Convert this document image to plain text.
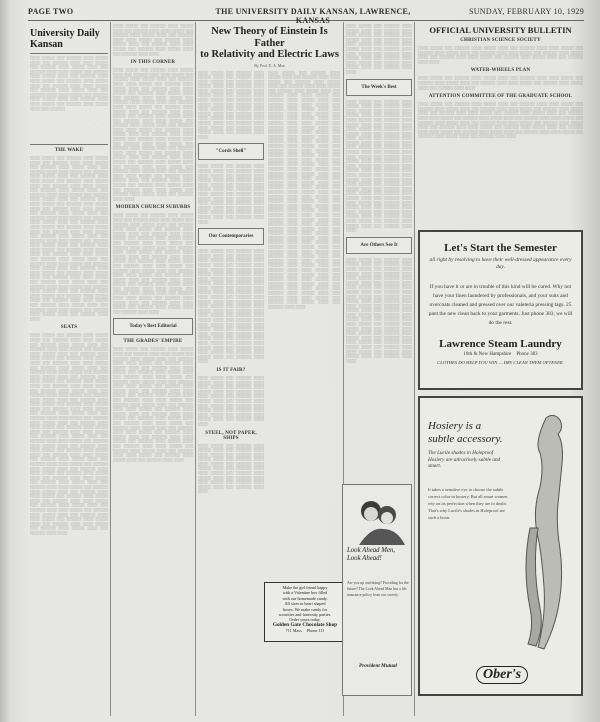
PAGE TWO	THE UNIVERSITY DAILY KANSAN, LAWRENCE, KANSAS
SUNDAY, FEBRUARY 10, 1929
University Daily Kansan
░░░░ ░░░░░ ░░░ ░░░░░░ ░░░░ ░░░░░ ░░░░ ░░░ ░░░░░░ ░░░░ ░░░░ ░░░░░ ░░░ ░░░░░░ ░░░░ ░░░░░ ░░░░ ░░░ ░░░░░░ ░░░░ ░░░░ ░░░░░ ░░░ ░░░░░░ ░░░░ ░░░░░ ░░░░ ░░░ ░░░░░░ ░░░░ ░░░░ ░░░░░ ░░░ ░░░░░░ ░░░░ ░░░░░ ░░░░ ░░░ ░░░░░░ ░░░░ ░░░░ ░░░░░ ░░░ ░░░░░░ ░░░░ ░░░░░ ░░░░ ░░░ ░░░░░░ ░░░░ ░░░░ ░░░░░ ░░░ ░░░░░░ ░░░░ ░░░░░ ░░░░ ░░░ ░░░░░░ ░░░░ ░░░░ ░░░░░ ░░░ ░░░░░░ ░░░░ ░░░░░ ░░░░ ░░░ ░░░░░░
THE WAKE
░░░░ ░░░░░ ░░░ ░░░░░░ ░░░░ ░░░░░ ░░░░ ░░░ ░░░░░░ ░░░░ ░░░░ ░░░░░ ░░░ ░░░░░░ ░░░░ ░░░░░ ░░░░ ░░░ ░░░░░░ ░░░░ ░░░░ ░░░░░ ░░░ ░░░░░░ ░░░░ ░░░░░ ░░░░ ░░░ ░░░░░░ ░░░░ ░░░░ ░░░░░ ░░░ ░░░░░░ ░░░░ ░░░░░ ░░░░ ░░░ ░░░░░░ ░░░░ ░░░░ ░░░░░ ░░░ ░░░░░░ ░░░░ ░░░░░ ░░░░ ░░░ ░░░░░░ ░░░░ ░░░░ ░░░░░ ░░░ ░░░░░░ ░░░░ ░░░░░ ░░░░ ░░░ ░░░░░░ ░░░░ ░░░░ ░░░░░ ░░░ ░░░░░░ ░░░░ ░░░░░ ░░░░ ░░░ ░░░░░░ ░░░░ ░░░░ ░░░░░ ░░░ ░░░░░░ ░░░░ ░░░░░ ░░░░ ░░░ ░░░░░░ ░░░░ ░░░░ ░░░░░ ░░░ ░░░░░░ ░░░░ ░░░░░ ░░░░ ░░░ ░░░░░░ ░░░░ ░░░░ ░░░░░ ░░░ ░░░░░░ ░░░░ ░░░░░ ░░░░ ░░░ ░░░░░░ ░░░░ ░░░░ ░░░░░ ░░░ ░░░░░░ ░░░░ ░░░░░ ░░░░ ░░░ ░░░░░░ ░░░░ ░░░░ ░░░░░ ░░░ ░░░░░░ ░░░░ ░░░░░ ░░░░ ░░░ ░░░░░░ ░░░░ ░░░░ ░░░░░ ░░░ ░░░░░░ ░░░░ ░░░░░ ░░░░ ░░░ ░░░░░░ ░░░░ ░░░░ ░░░░░ ░░░ ░░░░░░ ░░░░ ░░░░░ ░░░░ ░░░ ░░░░░░ ░░░░ ░░░░ ░░░░░ ░░░ ░░░░░░ ░░░░ ░░░░░ ░░░░ ░░░ ░░░░░░ ░░░░ ░░░░ ░░░░░ ░░░ ░░░░░░ ░░░░ ░░░░░ ░░░░ ░░░ ░░░░░░ ░░░░ ░░░░ ░░░░░ ░░░ ░░░░░░ ░░░░ ░░░░░ ░░░░ ░░░ ░░░░░░ ░░░░ ░░░░ ░░░░░ ░░░ ░░░░░░ ░░░░ ░░░░░ ░░░░ ░░░ ░░░░░░ ░░░░ ░░░░ ░░░░░ ░░░ ░░░░░░ ░░░░ ░░░░░ ░░░░ ░░░ ░░░░░░ ░░░░ ░░░░ ░░░░░ ░░░ ░░░░░░ ░░░░ ░░░░░ ░░░░ ░░░ ░░░░░░ ░░░░ ░░░░ ░░░░░ ░░░ ░░░░░░ ░░░░ ░░░░░ ░░░░ ░░░ ░░░░░░ ░░░░ ░░░░
SEATS
░░░░ ░░░░░ ░░░ ░░░░░░ ░░░░ ░░░░░ ░░░░ ░░░ ░░░░░░ ░░░░ ░░░░ ░░░░░ ░░░ ░░░░░░ ░░░░ ░░░░░ ░░░░ ░░░ ░░░░░░ ░░░░ ░░░░ ░░░░░ ░░░ ░░░░░░ ░░░░ ░░░░░ ░░░░ ░░░ ░░░░░░ ░░░░ ░░░░ ░░░░░ ░░░ ░░░░░░ ░░░░ ░░░░░ ░░░░ ░░░ ░░░░░░ ░░░░ ░░░░ ░░░░░ ░░░ ░░░░░░ ░░░░ ░░░░░ ░░░░ ░░░ ░░░░░░ ░░░░ ░░░░ ░░░░░ ░░░ ░░░░░░ ░░░░ ░░░░░ ░░░░ ░░░ ░░░░░░ ░░░░ ░░░░ ░░░░░ ░░░ ░░░░░░ ░░░░ ░░░░░ ░░░░ ░░░ ░░░░░░ ░░░░ ░░░░ ░░░░░ ░░░ ░░░░░░ ░░░░ ░░░░░ ░░░░ ░░░ ░░░░░░ ░░░░ ░░░░ ░░░░░ ░░░ ░░░░░░ ░░░░ ░░░░░ ░░░░ ░░░ ░░░░░░ ░░░░ ░░░░ ░░░░░ ░░░ ░░░░░░ ░░░░ ░░░░░ ░░░░ ░░░ ░░░░░░ ░░░░ ░░░░ ░░░░░ ░░░ ░░░░░░ ░░░░ ░░░░░ ░░░░ ░░░ ░░░░░░ ░░░░ ░░░░ ░░░░░ ░░░ ░░░░░░ ░░░░ ░░░░░ ░░░░ ░░░ ░░░░░░ ░░░░ ░░░░ ░░░░░ ░░░ ░░░░░░ ░░░░ ░░░░░ ░░░░ ░░░ ░░░░░░ ░░░░ ░░░░ ░░░░░ ░░░ ░░░░░░ ░░░░ ░░░░░ ░░░░ ░░░ ░░░░░░ ░░░░ ░░░░ ░░░░░ ░░░ ░░░░░░ ░░░░ ░░░░░ ░░░░ ░░░ ░░░░░░ ░░░░ ░░░░ ░░░░░ ░░░ ░░░░░░ ░░░░ ░░░░░ ░░░░ ░░░ ░░░░░░ ░░░░ ░░░░ ░░░░░ ░░░ ░░░░░░ ░░░░ ░░░░░ ░░░░ ░░░ ░░░░░░ ░░░░ ░░░░ ░░░░░ ░░░ ░░░░░░ ░░░░ ░░░░░ ░░░░ ░░░ ░░░░░░ ░░░░ ░░░░ ░░░░░ ░░░ ░░░░░░ ░░░░ ░░░░░ ░░░░ ░░░ ░░░░░░ ░░░░ ░░░░ ░░░░░ ░░░ ░░░░░░ ░░░░ ░░░░░ ░░░░ ░░░ ░░░░░░ ░░░░ ░░░░ ░░░░░ ░░░ ░░░░░░ ░░░░ ░░░░░ ░░░░ ░░░ ░░░░░░ ░░░░ ░░░░ ░░░░░ ░░░ ░░░░░░ ░░░░ ░░░░░ ░░░░ ░░░ ░░░░░░ ░░░░ ░░░░ ░░░░░ ░░░ ░░░░░░ ░░░░ ░░░░░ ░░░░ ░░░ ░░░░░░ ░░░░ ░░░░ ░░░░░ ░░░ ░░░░░░ ░░░░ ░░░░░ ░░░░ ░░░ ░░░░░░ ░░░░ ░░░░ ░░░░░ ░░░ ░░░░░░ ░░░░ ░░░░░ ░░░░ ░░░ ░░░░░░ ░░░░ ░░░░ ░░░░░ ░░░ ░░░░░░ ░░░░ ░░░░░ ░░░░ ░░░ ░░░░░░ ░░░░ ░░░░
░░░░ ░░░░░ ░░░ ░░░░░░ ░░░░ ░░░░░ ░░░░ ░░░ ░░░░░░ ░░░░ ░░░░ ░░░░░ ░░░ ░░░░░░ ░░░░ ░░░░░ ░░░░ ░░░ ░░░░░░ ░░░░ ░░░░ ░░░░░ ░░░ ░░░░░░ ░░░░ ░░░░░ ░░░░ ░░░ ░░░░░░ ░░░░ ░░░░ ░░░░░ ░░░ ░░░░░░ ░░░░ ░░░░░ ░░░░ ░░░ ░░░░░░ ░░░░ ░░░░
IN THIS CORNER
░░░░ ░░░░░ ░░░ ░░░░░░ ░░░░ ░░░░░ ░░░░ ░░░ ░░░░░░ ░░░░ ░░░░ ░░░░░ ░░░ ░░░░░░ ░░░░ ░░░░░ ░░░░ ░░░ ░░░░░░ ░░░░ ░░░░ ░░░░░ ░░░ ░░░░░░ ░░░░ ░░░░░ ░░░░ ░░░ ░░░░░░ ░░░░ ░░░░ ░░░░░ ░░░ ░░░░░░ ░░░░ ░░░░░ ░░░░ ░░░ ░░░░░░ ░░░░ ░░░░ ░░░░░ ░░░ ░░░░░░ ░░░░ ░░░░░ ░░░░ ░░░ ░░░░░░ ░░░░ ░░░░ ░░░░░ ░░░ ░░░░░░ ░░░░ ░░░░░ ░░░░ ░░░ ░░░░░░ ░░░░ ░░░░ ░░░░░ ░░░ ░░░░░░ ░░░░ ░░░░░ ░░░░ ░░░ ░░░░░░ ░░░░ ░░░░ ░░░░░ ░░░ ░░░░░░ ░░░░ ░░░░░ ░░░░ ░░░ ░░░░░░ ░░░░ ░░░░ ░░░░░ ░░░ ░░░░░░ ░░░░ ░░░░░ ░░░░ ░░░ ░░░░░░ ░░░░ ░░░░ ░░░░░ ░░░ ░░░░░░ ░░░░ ░░░░░ ░░░░ ░░░ ░░░░░░ ░░░░ ░░░░ ░░░░░ ░░░ ░░░░░░ ░░░░ ░░░░░ ░░░░ ░░░ ░░░░░░ ░░░░ ░░░░ ░░░░░ ░░░ ░░░░░░ ░░░░ ░░░░░ ░░░░ ░░░ ░░░░░░ ░░░░ ░░░░ ░░░░░ ░░░ ░░░░░░ ░░░░ ░░░░░ ░░░░ ░░░ ░░░░░░ ░░░░ ░░░░ ░░░░░ ░░░ ░░░░░░ ░░░░ ░░░░░ ░░░░ ░░░ ░░░░░░ ░░░░ ░░░░ ░░░░░ ░░░ ░░░░░░ ░░░░ ░░░░░ ░░░░ ░░░ ░░░░░░ ░░░░ ░░░░ ░░░░░ ░░░ ░░░░░░ ░░░░ ░░░░░ ░░░░ ░░░ ░░░░░░ ░░░░ ░░░░ ░░░░░ ░░░ ░░░░░░ ░░░░ ░░░░░ ░░░░ ░░░ ░░░░░░ ░░░░ ░░░░
MODERN CHURCH SUBURBS
░░░░ ░░░░░ ░░░ ░░░░░░ ░░░░ ░░░░░ ░░░░ ░░░ ░░░░░░ ░░░░ ░░░░ ░░░░░ ░░░ ░░░░░░ ░░░░ ░░░░░ ░░░░ ░░░ ░░░░░░ ░░░░ ░░░░ ░░░░░ ░░░ ░░░░░░ ░░░░ ░░░░░ ░░░░ ░░░ ░░░░░░ ░░░░ ░░░░ ░░░░░ ░░░ ░░░░░░ ░░░░ ░░░░░ ░░░░ ░░░ ░░░░░░ ░░░░ ░░░░ ░░░░░ ░░░ ░░░░░░ ░░░░ ░░░░░ ░░░░ ░░░ ░░░░░░ ░░░░ ░░░░ ░░░░░ ░░░ ░░░░░░ ░░░░ ░░░░░ ░░░░ ░░░ ░░░░░░ ░░░░ ░░░░ ░░░░░ ░░░ ░░░░░░ ░░░░ ░░░░░ ░░░░ ░░░ ░░░░░░ ░░░░ ░░░░ ░░░░░ ░░░ ░░░░░░ ░░░░ ░░░░░ ░░░░ ░░░ ░░░░░░ ░░░░ ░░░░ ░░░░░ ░░░ ░░░░░░ ░░░░ ░░░░░ ░░░░ ░░░ ░░░░░░ ░░░░ ░░░░ ░░░░░ ░░░ ░░░░░░ ░░░░ ░░░░░ ░░░░ ░░░ ░░░░░░ ░░░░ ░░░░ ░░░░░ ░░░ ░░░░░░ ░░░░ ░░░░░ ░░░░ ░░░ ░░░░░░ ░░░░ ░░░░ ░░░░░ ░░░ ░░░░░░ ░░░░ ░░░░░ ░░░░ ░░░ ░░░░░░ ░░░░ ░░░░ ░░░░░ ░░░ ░░░░░░ ░░░░ ░░░░░ ░░░░ ░░░ ░░░░░░ ░░░░ ░░░░
Today's Best Editorial
THE GRADES' EMPIRE
░░░░ ░░░░░ ░░░ ░░░░░░ ░░░░ ░░░░░ ░░░░ ░░░ ░░░░░░ ░░░░ ░░░░ ░░░░░ ░░░ ░░░░░░ ░░░░ ░░░░░ ░░░░ ░░░ ░░░░░░ ░░░░ ░░░░ ░░░░░ ░░░ ░░░░░░ ░░░░ ░░░░░ ░░░░ ░░░ ░░░░░░ ░░░░ ░░░░ ░░░░░ ░░░ ░░░░░░ ░░░░ ░░░░░ ░░░░ ░░░ ░░░░░░ ░░░░ ░░░░ ░░░░░ ░░░ ░░░░░░ ░░░░ ░░░░░ ░░░░ ░░░ ░░░░░░ ░░░░ ░░░░ ░░░░░ ░░░ ░░░░░░ ░░░░ ░░░░░ ░░░░ ░░░ ░░░░░░ ░░░░ ░░░░ ░░░░░ ░░░ ░░░░░░ ░░░░ ░░░░░ ░░░░ ░░░ ░░░░░░ ░░░░ ░░░░ ░░░░░ ░░░ ░░░░░░ ░░░░ ░░░░░ ░░░░ ░░░ ░░░░░░ ░░░░ ░░░░ ░░░░░ ░░░ ░░░░░░ ░░░░ ░░░░░ ░░░░ ░░░ ░░░░░░ ░░░░ ░░░░ ░░░░░ ░░░ ░░░░░░ ░░░░ ░░░░░ ░░░░ ░░░ ░░░░░░ ░░░░ ░░░░ ░░░░░ ░░░ ░░░░░░ ░░░░ ░░░░░ ░░░░ ░░░ ░░░░░░ ░░░░ ░░░░ ░░░░░ ░░░ ░░░░░░ ░░░░ ░░░░░ ░░░░ ░░░ ░░░░░░ ░░░░ ░░░░ ░░░░░ ░░░ ░░░░░░ ░░░░ ░░░░░ ░░░░ ░░░ ░░░░░░ ░░░░ ░░░░ ░░░░░ ░░░ ░░░░░░ ░░░░ ░░░░░ ░░░░ ░░░ ░░░░░░ ░░░░ ░░░░ ░░░░░ ░░░ ░░░░░░ ░░░░ ░░░░░ ░░░░ ░░░ ░░░░░░ ░░░░ ░░░░
New Theory of Einstein Is Father
to Relativity and Electric Laws
By Prof. E. A. Mur
░░░░ ░░░░░ ░░░ ░░░░░░ ░░░░ ░░░░░ ░░░░ ░░░ ░░░░░░ ░░░░ ░░░░ ░░░░░ ░░░ ░░░░░░ ░░░░ ░░░░░ ░░░░ ░░░ ░░░░░░ ░░░░ ░░░░ ░░░░░ ░░░ ░░░░░░ ░░░░ ░░░░░ ░░░░ ░░░ ░░░░░░ ░░░░ ░░░░ ░░░░░ ░░░ ░░░░░░ ░░░░ ░░░░░ ░░░░ ░░░ ░░░░░░ ░░░░ ░░░░ ░░░░░ ░░░ ░░░░░░ ░░░░ ░░░░░ ░░░░ ░░░ ░░░░░░ ░░░░ ░░░░ ░░░░░ ░░░ ░░░░░░ ░░░░ ░░░░░ ░░░░ ░░░ ░░░░░░ ░░░░ ░░░░ ░░░░░ ░░░ ░░░░░░ ░░░░ ░░░░░ ░░░░ ░░░ ░░░░░░ ░░░░ ░░░░
"Cords Shell"
░░░░ ░░░░░ ░░░ ░░░░░░ ░░░░ ░░░░░ ░░░░ ░░░ ░░░░░░ ░░░░ ░░░░ ░░░░░ ░░░ ░░░░░░ ░░░░ ░░░░░ ░░░░ ░░░ ░░░░░░ ░░░░ ░░░░ ░░░░░ ░░░ ░░░░░░ ░░░░ ░░░░░ ░░░░ ░░░ ░░░░░░ ░░░░ ░░░░ ░░░░░ ░░░ ░░░░░░ ░░░░ ░░░░░ ░░░░ ░░░ ░░░░░░ ░░░░ ░░░░ ░░░░░ ░░░ ░░░░░░ ░░░░ ░░░░░ ░░░░ ░░░ ░░░░░░ ░░░░ ░░░░ ░░░░░ ░░░ ░░░░░░ ░░░░ ░░░░░ ░░░░ ░░░ ░░░░░░ ░░░░ ░░░░
Our Contemporaries
░░░░ ░░░░░ ░░░ ░░░░░░ ░░░░ ░░░░░ ░░░░ ░░░ ░░░░░░ ░░░░ ░░░░ ░░░░░ ░░░ ░░░░░░ ░░░░ ░░░░░ ░░░░ ░░░ ░░░░░░ ░░░░ ░░░░ ░░░░░ ░░░ ░░░░░░ ░░░░ ░░░░░ ░░░░ ░░░ ░░░░░░ ░░░░ ░░░░ ░░░░░ ░░░ ░░░░░░ ░░░░ ░░░░░ ░░░░ ░░░ ░░░░░░ ░░░░ ░░░░ ░░░░░ ░░░ ░░░░░░ ░░░░ ░░░░░ ░░░░ ░░░ ░░░░░░ ░░░░ ░░░░ ░░░░░ ░░░ ░░░░░░ ░░░░ ░░░░░ ░░░░ ░░░ ░░░░░░ ░░░░ ░░░░ ░░░░░ ░░░ ░░░░░░ ░░░░ ░░░░░ ░░░░ ░░░ ░░░░░░ ░░░░ ░░░░ ░░░░░ ░░░ ░░░░░░ ░░░░ ░░░░░ ░░░░ ░░░ ░░░░░░ ░░░░ ░░░░ ░░░░░ ░░░ ░░░░░░ ░░░░ ░░░░░ ░░░░ ░░░ ░░░░░░ ░░░░ ░░░░ ░░░░░ ░░░ ░░░░░░ ░░░░ ░░░░░ ░░░░ ░░░ ░░░░░░ ░░░░ ░░░░ ░░░░░ ░░░ ░░░░░░ ░░░░ ░░░░░ ░░░░ ░░░ ░░░░░░ ░░░░ ░░░░ ░░░░░ ░░░ ░░░░░░ ░░░░ ░░░░░ ░░░░ ░░░ ░░░░░░ ░░░░ ░░░░
IS IT FAIR?
░░░░ ░░░░░ ░░░ ░░░░░░ ░░░░ ░░░░░ ░░░░ ░░░ ░░░░░░ ░░░░ ░░░░ ░░░░░ ░░░ ░░░░░░ ░░░░ ░░░░░ ░░░░ ░░░ ░░░░░░ ░░░░ ░░░░ ░░░░░ ░░░ ░░░░░░ ░░░░ ░░░░░ ░░░░ ░░░ ░░░░░░ ░░░░ ░░░░ ░░░░░ ░░░ ░░░░░░ ░░░░ ░░░░░ ░░░░ ░░░ ░░░░░░ ░░░░ ░░░░ ░░░░░ ░░░ ░░░░░░ ░░░░ ░░░░░ ░░░░ ░░░ ░░░░░░ ░░░░ ░░░░
STEEL, NOT PAPER, SHIPS
░░░░ ░░░░░ ░░░ ░░░░░░ ░░░░ ░░░░░ ░░░░ ░░░ ░░░░░░ ░░░░ ░░░░ ░░░░░ ░░░ ░░░░░░ ░░░░ ░░░░░ ░░░░ ░░░ ░░░░░░ ░░░░ ░░░░ ░░░░░ ░░░ ░░░░░░ ░░░░ ░░░░░ ░░░░ ░░░ ░░░░░░ ░░░░ ░░░░ ░░░░░ ░░░ ░░░░░░ ░░░░ ░░░░░ ░░░░ ░░░ ░░░░░░ ░░░░ ░░░░ ░░░░░ ░░░ ░░░░░░ ░░░░ ░░░░░ ░░░░ ░░░ ░░░░░░ ░░░░ ░░░░
░░░░ ░░░░░ ░░░ ░░░░░░ ░░░░ ░░░░░ ░░░░ ░░░ ░░░░░░ ░░░░ ░░░░ ░░░░░ ░░░ ░░░░░░ ░░░░ ░░░░░ ░░░░ ░░░ ░░░░░░ ░░░░ ░░░░ ░░░░░ ░░░ ░░░░░░ ░░░░ ░░░░░ ░░░░ ░░░ ░░░░░░ ░░░░ ░░░░ ░░░░░ ░░░ ░░░░░░ ░░░░ ░░░░░ ░░░░ ░░░ ░░░░░░ ░░░░ ░░░░ ░░░░░ ░░░ ░░░░░░ ░░░░ ░░░░░ ░░░░ ░░░ ░░░░░░ ░░░░ ░░░░ ░░░░░ ░░░ ░░░░░░ ░░░░ ░░░░░ ░░░░ ░░░ ░░░░░░ ░░░░ ░░░░ ░░░░░ ░░░ ░░░░░░ ░░░░ ░░░░░ ░░░░ ░░░ ░░░░░░ ░░░░ ░░░░ ░░░░░ ░░░ ░░░░░░ ░░░░ ░░░░░ ░░░░ ░░░ ░░░░░░ ░░░░ ░░░░ ░░░░░ ░░░ ░░░░░░ ░░░░ ░░░░░ ░░░░ ░░░ ░░░░░░ ░░░░ ░░░░ ░░░░░ ░░░ ░░░░░░ ░░░░ ░░░░░ ░░░░ ░░░ ░░░░░░ ░░░░ ░░░░ ░░░░░ ░░░ ░░░░░░ ░░░░ ░░░░░ ░░░░ ░░░ ░░░░░░ ░░░░ ░░░░ ░░░░░ ░░░ ░░░░░░ ░░░░ ░░░░░ ░░░░ ░░░ ░░░░░░ ░░░░ ░░░░ ░░░░░ ░░░ ░░░░░░ ░░░░ ░░░░░ ░░░░ ░░░ ░░░░░░ ░░░░ ░░░░ ░░░░░ ░░░ ░░░░░░ ░░░░ ░░░░░ ░░░░ ░░░ ░░░░░░ ░░░░ ░░░░ ░░░░░ ░░░ ░░░░░░ ░░░░ ░░░░░ ░░░░ ░░░ ░░░░░░ ░░░░ ░░░░ ░░░░░ ░░░ ░░░░░░ ░░░░ ░░░░░ ░░░░ ░░░ ░░░░░░ ░░░░ ░░░░ ░░░░░ ░░░ ░░░░░░ ░░░░ ░░░░░ ░░░░ ░░░ ░░░░░░ ░░░░ ░░░░ ░░░░░ ░░░ ░░░░░░ ░░░░ ░░░░░ ░░░░ ░░░ ░░░░░░ ░░░░ ░░░░ ░░░░░ ░░░ ░░░░░░ ░░░░ ░░░░░ ░░░░ ░░░ ░░░░░░ ░░░░ ░░░░ ░░░░░ ░░░ ░░░░░░ ░░░░ ░░░░░ ░░░░ ░░░ ░░░░░░ ░░░░ ░░░░ ░░░░░ ░░░ ░░░░░░ ░░░░ ░░░░░ ░░░░ ░░░ ░░░░░░ ░░░░ ░░░░ ░░░░░ ░░░ ░░░░░░ ░░░░ ░░░░░ ░░░░ ░░░ ░░░░░░ ░░░░ ░░░░ ░░░░░ ░░░ ░░░░░░ ░░░░ ░░░░░ ░░░░ ░░░ ░░░░░░ ░░░░ ░░░░ ░░░░░ ░░░ ░░░░░░ ░░░░ ░░░░░ ░░░░ ░░░ ░░░░░░ ░░░░ ░░░░ ░░░░░ ░░░ ░░░░░░ ░░░░ ░░░░░ ░░░░ ░░░ ░░░░░░ ░░░░ ░░░░ ░░░░░ ░░░ ░░░░░░ ░░░░ ░░░░░ ░░░░ ░░░ ░░░░░░ ░░░░ ░░░░
░░░░ ░░░░░ ░░░ ░░░░░░ ░░░░ ░░░░░ ░░░░ ░░░ ░░░░░░ ░░░░ ░░░░ ░░░░░ ░░░ ░░░░░░ ░░░░ ░░░░░ ░░░░ ░░░ ░░░░░░ ░░░░ ░░░░ ░░░░░ ░░░ ░░░░░░ ░░░░ ░░░░░ ░░░░ ░░░ ░░░░░░ ░░░░ ░░░░ ░░░░░ ░░░ ░░░░░░ ░░░░ ░░░░░ ░░░░ ░░░ ░░░░░░ ░░░░ ░░░░ ░░░░░ ░░░ ░░░░░░ ░░░░ ░░░░░ ░░░░ ░░░ ░░░░░░ ░░░░ ░░░░
The Week's Best
░░░░ ░░░░░ ░░░ ░░░░░░ ░░░░ ░░░░░ ░░░░ ░░░ ░░░░░░ ░░░░ ░░░░ ░░░░░ ░░░ ░░░░░░ ░░░░ ░░░░░ ░░░░ ░░░ ░░░░░░ ░░░░ ░░░░ ░░░░░ ░░░ ░░░░░░ ░░░░ ░░░░░ ░░░░ ░░░ ░░░░░░ ░░░░ ░░░░ ░░░░░ ░░░ ░░░░░░ ░░░░ ░░░░░ ░░░░ ░░░ ░░░░░░ ░░░░ ░░░░ ░░░░░ ░░░ ░░░░░░ ░░░░ ░░░░░ ░░░░ ░░░ ░░░░░░ ░░░░ ░░░░ ░░░░░ ░░░ ░░░░░░ ░░░░ ░░░░░ ░░░░ ░░░ ░░░░░░ ░░░░ ░░░░ ░░░░░ ░░░ ░░░░░░ ░░░░ ░░░░░ ░░░░ ░░░ ░░░░░░ ░░░░ ░░░░ ░░░░░ ░░░ ░░░░░░ ░░░░ ░░░░░ ░░░░ ░░░ ░░░░░░ ░░░░ ░░░░ ░░░░░ ░░░ ░░░░░░ ░░░░ ░░░░░ ░░░░ ░░░ ░░░░░░ ░░░░ ░░░░ ░░░░░ ░░░ ░░░░░░ ░░░░ ░░░░░ ░░░░ ░░░ ░░░░░░ ░░░░ ░░░░ ░░░░░ ░░░ ░░░░░░ ░░░░ ░░░░░ ░░░░ ░░░ ░░░░░░ ░░░░ ░░░░ ░░░░░ ░░░ ░░░░░░ ░░░░ ░░░░░ ░░░░ ░░░ ░░░░░░ ░░░░ ░░░░ ░░░░░ ░░░ ░░░░░░ ░░░░ ░░░░░ ░░░░ ░░░ ░░░░░░ ░░░░ ░░░░ ░░░░░ ░░░ ░░░░░░ ░░░░ ░░░░░ ░░░░ ░░░ ░░░░░░ ░░░░ ░░░░
Are Others See It
░░░░ ░░░░░ ░░░ ░░░░░░ ░░░░ ░░░░░ ░░░░ ░░░ ░░░░░░ ░░░░ ░░░░ ░░░░░ ░░░ ░░░░░░ ░░░░ ░░░░░ ░░░░ ░░░ ░░░░░░ ░░░░ ░░░░ ░░░░░ ░░░ ░░░░░░ ░░░░ ░░░░░ ░░░░ ░░░ ░░░░░░ ░░░░ ░░░░ ░░░░░ ░░░ ░░░░░░ ░░░░ ░░░░░ ░░░░ ░░░ ░░░░░░ ░░░░ ░░░░ ░░░░░ ░░░ ░░░░░░ ░░░░ ░░░░░ ░░░░ ░░░ ░░░░░░ ░░░░ ░░░░ ░░░░░ ░░░ ░░░░░░ ░░░░ ░░░░░ ░░░░ ░░░ ░░░░░░ ░░░░ ░░░░ ░░░░░ ░░░ ░░░░░░ ░░░░ ░░░░░ ░░░░ ░░░ ░░░░░░ ░░░░ ░░░░ ░░░░░ ░░░ ░░░░░░ ░░░░ ░░░░░ ░░░░ ░░░ ░░░░░░ ░░░░ ░░░░ ░░░░░ ░░░ ░░░░░░ ░░░░ ░░░░░ ░░░░ ░░░ ░░░░░░ ░░░░ ░░░░ ░░░░░ ░░░ ░░░░░░ ░░░░ ░░░░░ ░░░░ ░░░ ░░░░░░ ░░░░ ░░░░ ░░░░░ ░░░ ░░░░░░ ░░░░ ░░░░░ ░░░░ ░░░ ░░░░░░ ░░░░ ░░░░
OFFICIAL UNIVERSITY BULLETIN
CHRISTIAN SCIENCE SOCIETY
░░░░ ░░░░░ ░░░ ░░░░░░ ░░░░ ░░░░░ ░░░░ ░░░ ░░░░░░ ░░░░ ░░░░ ░░░░░ ░░░ ░░░░░░ ░░░░ ░░░░░ ░░░░ ░░░ ░░░░░░ ░░░░ ░░░░ ░░░░░ ░░░ ░░░░░░ ░░░░ ░░░░░ ░░░░ ░░░ ░░░░░░ ░░░░ ░░░░ ░░░░░ ░░░ ░░░░░░ ░░░░ ░░░░░ ░░░░ ░░░ ░░░░░░ ░░░░ ░░░░
WATER-WHEELS PLAN
░░░░ ░░░░░ ░░░ ░░░░░░ ░░░░ ░░░░░ ░░░░ ░░░ ░░░░░░ ░░░░ ░░░░ ░░░░░ ░░░ ░░░░░░ ░░░░ ░░░░░ ░░░░ ░░░ ░░░░░░ ░░░░ ░░░░ ░░░░░ ░░░ ░░░░░░ ░░░░ ░░░░░ ░░░░ ░░░ ░░░░░░ ░░░░ ░░░░
ATTENTION COMMITTEE OF THE GRADUATE SCHOOL
░░░░ ░░░░░ ░░░ ░░░░░░ ░░░░ ░░░░░ ░░░░ ░░░ ░░░░░░ ░░░░ ░░░░ ░░░░░ ░░░ ░░░░░░ ░░░░ ░░░░░ ░░░░ ░░░ ░░░░░░ ░░░░ ░░░░ ░░░░░ ░░░ ░░░░░░ ░░░░ ░░░░░ ░░░░ ░░░ ░░░░░░ ░░░░ ░░░░ ░░░░░ ░░░ ░░░░░░ ░░░░ ░░░░░ ░░░░ ░░░ ░░░░░░ ░░░░ ░░░░ ░░░░░ ░░░ ░░░░░░ ░░░░ ░░░░░ ░░░░ ░░░ ░░░░░░ ░░░░ ░░░░ ░░░░░ ░░░ ░░░░░░ ░░░░ ░░░░░ ░░░░ ░░░ ░░░░░░ ░░░░ ░░░░ ░░░░░ ░░░ ░░░░░░ ░░░░ ░░░░░ ░░░░ ░░░ ░░░░░░ ░░░░ ░░░░ ░░░░░ ░░░ ░░░░░░ ░░░░ ░░░░░ ░░░░ ░░░ ░░░░░░ ░░░░ ░░░░ ░░░░░ ░░░ ░░░░░░ ░░░░ ░░░░░ ░░░░ ░░░ ░░░░░░ ░░░░ ░░░░ ░░░░░ ░░░ ░░░░░░ ░░░░ ░░░░░ ░░░░ ░░░ ░░░░░░ ░░░░ ░░░░
Let's Start the Semester
all right by resolving to have their well-dressed appearance every day.
If you have it or are in trouble of this kind will be cured. Why not have your linen laundered by professionals, and your suits and overcoats cleaned and pressed over our valeteria pressing tags. 25 pant the new clean back to your garments. Just phone 383, we will do the rest.
Lawrence Steam Laundry
10th & New Hampshire Phone 383
CLOTHES DO HELP YOU WIN — DRY CLEAN THEM OFTENER.
Hosiery is a subtle accessory.
The Lucile shades in Holeproof Hosiery are attractively subtle and smart.
It takes a sensitive eye to choose the subtle correct color in hosiery. But all smart women rely on its perfection when they are in doubt. That's why Lucile's shades in Holeproof are such a boon.
Ober's
Make the girl friend happy
with a Valentine box filled
with our homemade candy.
All sizes in heart shaped
boxes. We make candy for
sororities and fraternity parties.
Order yours today.
Golden Gate Chocolate Shop
711 Mass. Phone 111
Look Ahead Men, Look Ahead!
Are you up and doing? Providing for the future? The Look Ahead Man has a life insurance policy from our society.
Provident Mutual
